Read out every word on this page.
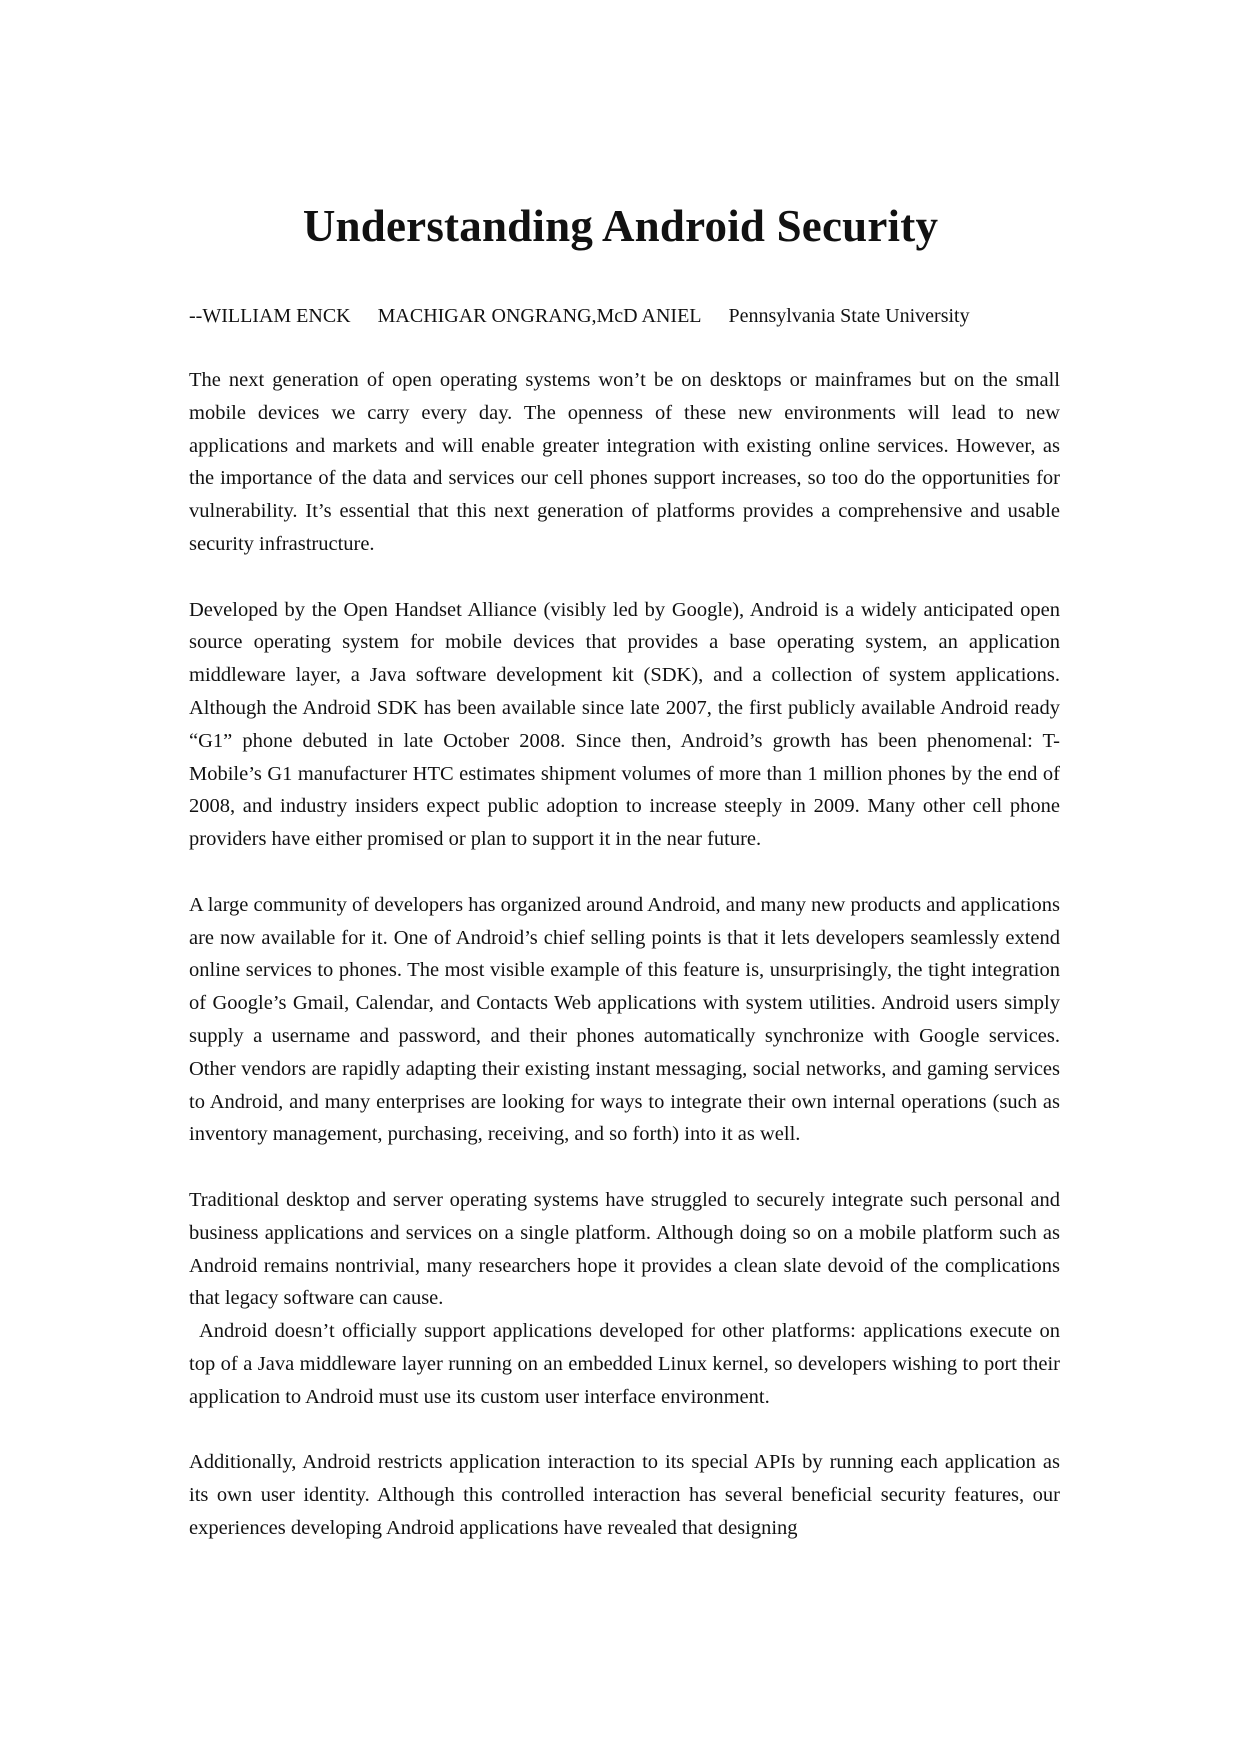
Understanding Android Security
--WILLIAM ENCK MACHIGAR ONGRANG,McD ANIEL Pennsylvania State University

The next generation of open operating systems won’t be on desktops or mainframes but on the small mobile devices we carry every day. The openness of these new environments will lead to new applications and markets and will enable greater integration with existing online services. However, as the importance of the data and services our cell phones support increases, so too do the opportunities for vulnerability. It’s essential that this next generation of platforms provides a comprehensive and usable security infrastructure.

Developed by the Open Handset Alliance (visibly led by Google), Android is a widely anticipated open source operating system for mobile devices that provides a base operating system, an application middleware layer, a Java software development kit (SDK), and a collection of system applications. Although the Android SDK has been available since late 2007, the first publicly available Android ready “G1” phone debuted in late October 2008. Since then, Android’s growth has been phenomenal: T-Mobile’s G1 manufacturer HTC estimates shipment volumes of more than 1 million phones by the end of 2008, and industry insiders expect public adoption to increase steeply in 2009. Many other cell phone providers have either promised or plan to support it in the near future.

A large community of developers has organized around Android, and many new products and applications are now available for it. One of Android’s chief selling points is that it lets developers seamlessly extend online services to phones. The most visible example of this feature is, unsurprisingly, the tight integration of Google’s Gmail, Calendar, and Contacts Web applications with system utilities. Android users simply supply a username and password, and their phones automatically synchronize with Google services. Other vendors are rapidly adapting their existing instant messaging, social networks, and gaming services to Android, and many enterprises are looking for ways to integrate their own internal operations (such as inventory management, purchasing, receiving, and so forth) into it as well.

Traditional desktop and server operating systems have struggled to securely integrate such personal and business applications and services on a single platform. Although doing so on a mobile platform such as Android remains nontrivial, many researchers hope it provides a clean slate devoid of the complications that legacy software can cause.

Android doesn’t officially support applications developed for other platforms: applications execute on top of a Java middleware layer running on an embedded Linux kernel, so developers wishing to port their application to Android must use its custom user interface environment.

Additionally, Android restricts application interaction to its special APIs by running each application as its own user identity. Although this controlled interaction has several beneficial security features, our experiences developing Android applications have revealed that designing
